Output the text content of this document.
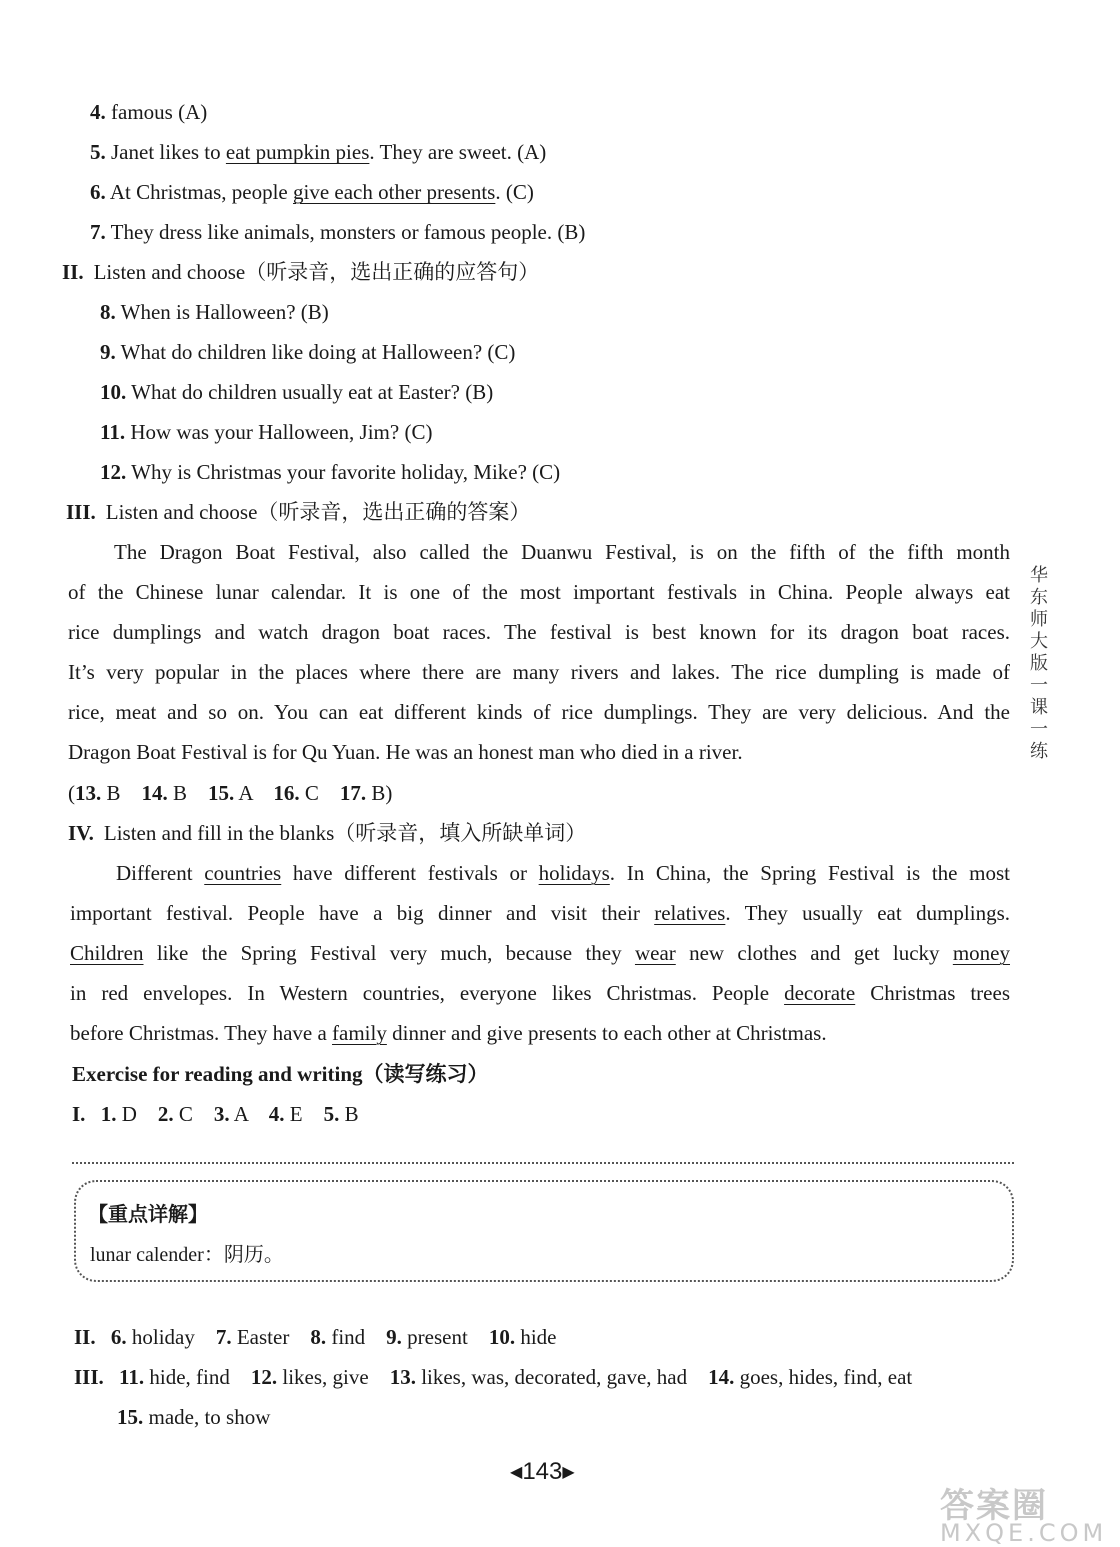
4. famous (A)
5. Janet likes to eat pumpkin pies. They are sweet. (A)
6. At Christmas, people give each other presents. (C)
7. They dress like animals, monsters or famous people. (B)
II. Listen and choose（听录音，选出正确的应答句）
8. When is Halloween? (B)
9. What do children like doing at Halloween? (C)
10. What do children usually eat at Easter? (B)
11. How was your Halloween, Jim? (C)
12. Why is Christmas your favorite holiday, Mike? (C)
III. Listen and choose（听录音，选出正确的答案）
The Dragon Boat Festival, also called the Duanwu Festival, is on the fifth of the fifth month
of the Chinese lunar calendar. It is one of the most important festivals in China. People always eat
rice dumplings and watch dragon boat races. The festival is best known for its dragon boat races.
It’s very popular in the places where there are many rivers and lakes. The rice dumpling is made of
rice, meat and so on. You can eat different kinds of rice dumplings. They are very delicious. And the
Dragon Boat Festival is for Qu Yuan. He was an honest man who died in a river.
(13. B 14. B 15. A 16. C 17. B)
IV. Listen and fill in the blanks（听录音，填入所缺单词）
Different countries have different festivals or holidays. In China, the Spring Festival is the most
important festival. People have a big dinner and visit their relatives. They usually eat dumplings.
Children like the Spring Festival very much, because they wear new clothes and get lucky money
in red envelopes. In Western countries, everyone likes Christmas. People decorate Christmas trees
before Christmas. They have a family dinner and give presents to each other at Christmas.
Exercise for reading and writing（读写练习）
I. 1. D 2. C 3. A 4. E 5. B
【重点详解】
lunar calender：阴历。
II. 6. holiday 7. Easter 8. find 9. present 10. hide
III. 11. hide, find 12. likes, give 13. likes, was, decorated, gave, had 14. goes, hides, find, eat
15. made, to show
华东师大版一课一练
◀143▶
答案圈
MXQE.COM
